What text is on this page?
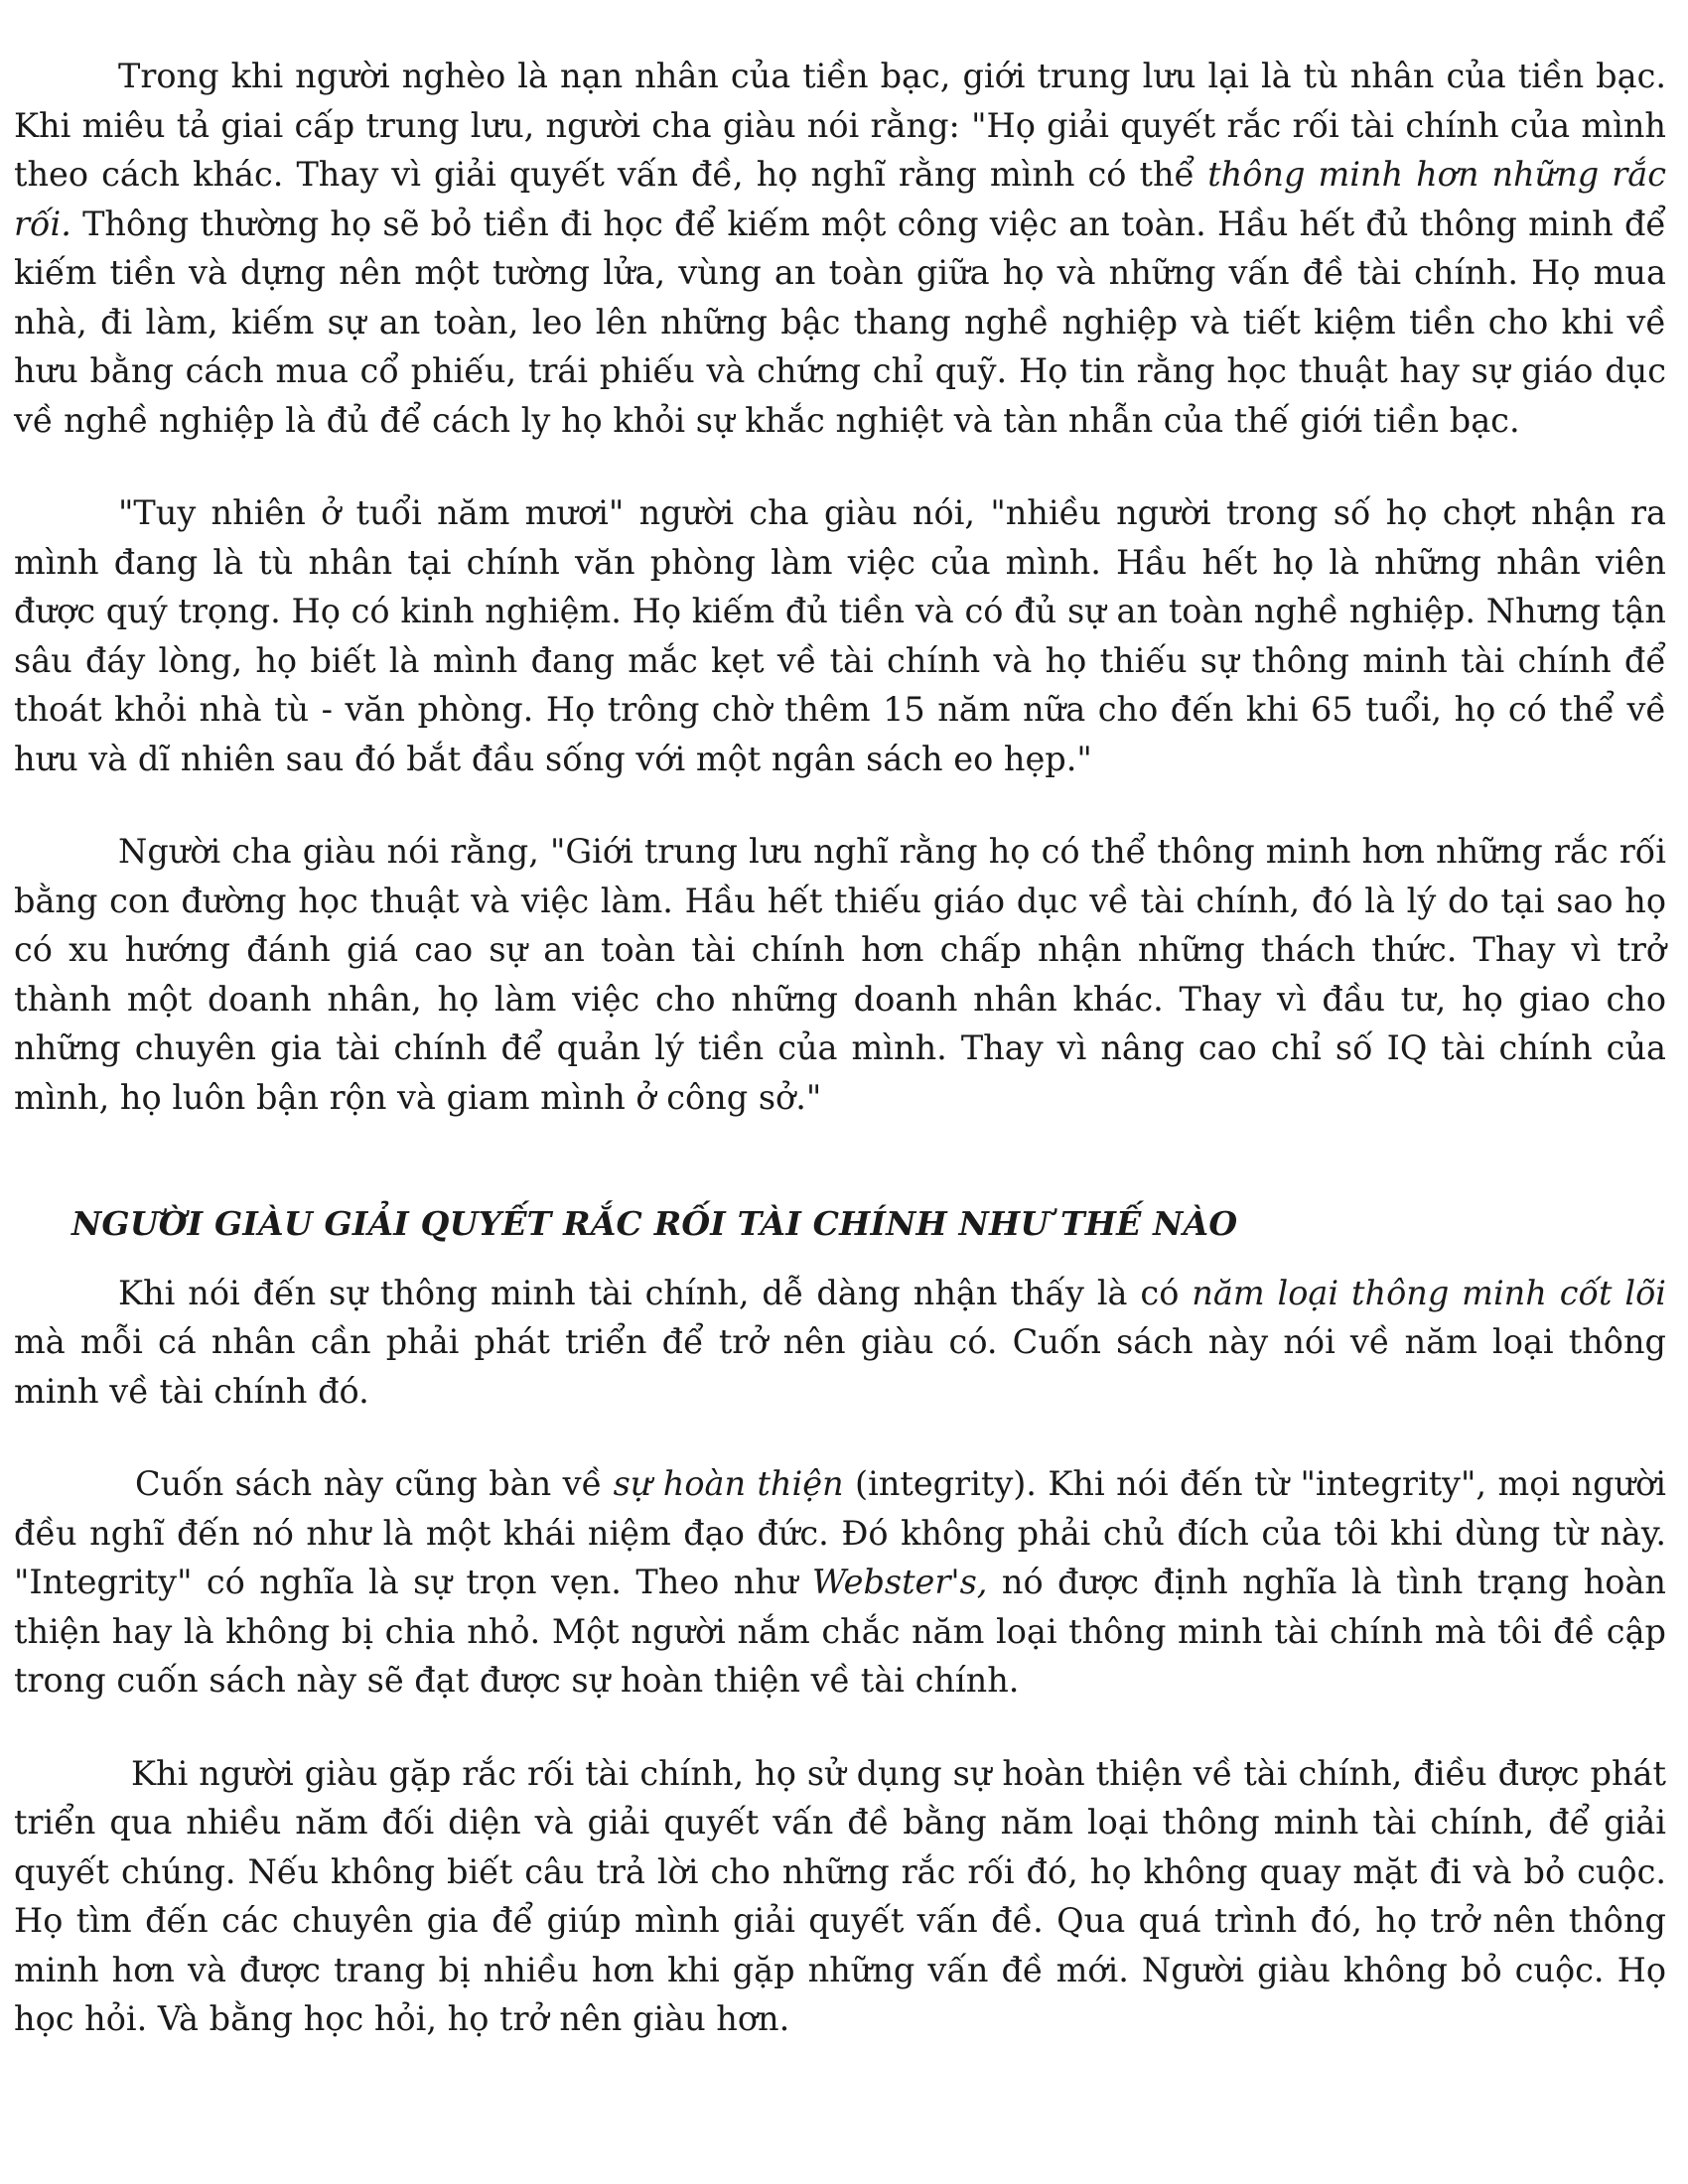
Trong khi người nghèo là nạn nhân của tiền bạc, giới trung lưu lại là tù nhân của tiền bạc. Khi miêu tả giai cấp trung lưu, người cha giàu nói rằng: "Họ giải quyết rắc rối tài chính của mình theo cách khác. Thay vì giải quyết vấn đề, họ nghĩ rằng mình có thể thông minh hơn những rắc rối. Thông thường họ sẽ bỏ tiền đi học để kiếm một công việc an toàn. Hầu hết đủ thông minh để kiếm tiền và dựng nên một tường lửa, vùng an toàn giữa họ và những vấn đề tài chính. Họ mua nhà, đi làm, kiếm sự an toàn, leo lên những bậc thang nghề nghiệp và tiết kiệm tiền cho khi về hưu bằng cách mua cổ phiếu, trái phiếu và chứng chỉ quỹ. Họ tin rằng học thuật hay sự giáo dục về nghề nghiệp là đủ để cách ly họ khỏi sự khắc nghiệt và tàn nhẫn của thế giới tiền bạc.

"Tuy nhiên ở tuổi năm mươi" người cha giàu nói, "nhiều người trong số họ chợt nhận ra mình đang là tù nhân tại chính văn phòng làm việc của mình. Hầu hết họ là những nhân viên được quý trọng. Họ có kinh nghiệm. Họ kiếm đủ tiền và có đủ sự an toàn nghề nghiệp. Nhưng tận sâu đáy lòng, họ biết là mình đang mắc kẹt về tài chính và họ thiếu sự thông minh tài chính để thoát khỏi nhà tù - văn phòng. Họ trông chờ thêm 15 năm nữa cho đến khi 65 tuổi, họ có thể về hưu và dĩ nhiên sau đó bắt đầu sống với một ngân sách eo hẹp."

Người cha giàu nói rằng, "Giới trung lưu nghĩ rằng họ có thể thông minh hơn những rắc rối bằng con đường học thuật và việc làm. Hầu hết thiếu giáo dục về tài chính, đó là lý do tại sao họ có xu hướng đánh giá cao sự an toàn tài chính hơn chấp nhận những thách thức. Thay vì trở thành một doanh nhân, họ làm việc cho những doanh nhân khác. Thay vì đầu tư, họ giao cho những chuyên gia tài chính để quản lý tiền của mình. Thay vì nâng cao chỉ số IQ tài chính của mình, họ luôn bận rộn và giam mình ở công sở."

NGƯỜI GIÀU GIẢI QUYẾT RẮC RỐI TÀI CHÍNH NHƯ THẾ NÀO

Khi nói đến sự thông minh tài chính, dễ dàng nhận thấy là có năm loại thông minh cốt lõi mà mỗi cá nhân cần phải phát triển để trở nên giàu có. Cuốn sách này nói về năm loại thông minh về tài chính đó.

Cuốn sách này cũng bàn về sự hoàn thiện (integrity). Khi nói đến từ "integrity", mọi người đều nghĩ đến nó như là một khái niệm đạo đức. Đó không phải chủ đích của tôi khi dùng từ này. "Integrity" có nghĩa là sự trọn vẹn. Theo như Webster's, nó được định nghĩa là tình trạng hoàn thiện hay là không bị chia nhỏ. Một người nắm chắc năm loại thông minh tài chính mà tôi đề cập trong cuốn sách này sẽ đạt được sự hoàn thiện về tài chính.

Khi người giàu gặp rắc rối tài chính, họ sử dụng sự hoàn thiện về tài chính, điều được phát triển qua nhiều năm đối diện và giải quyết vấn đề bằng năm loại thông minh tài chính, để giải quyết chúng. Nếu không biết câu trả lời cho những rắc rối đó, họ không quay mặt đi và bỏ cuộc. Họ tìm đến các chuyên gia để giúp mình giải quyết vấn đề. Qua quá trình đó, họ trở nên thông minh hơn và được trang bị nhiều hơn khi gặp những vấn đề mới. Người giàu không bỏ cuộc. Họ học hỏi. Và bằng học hỏi, họ trở nên giàu hơn.
